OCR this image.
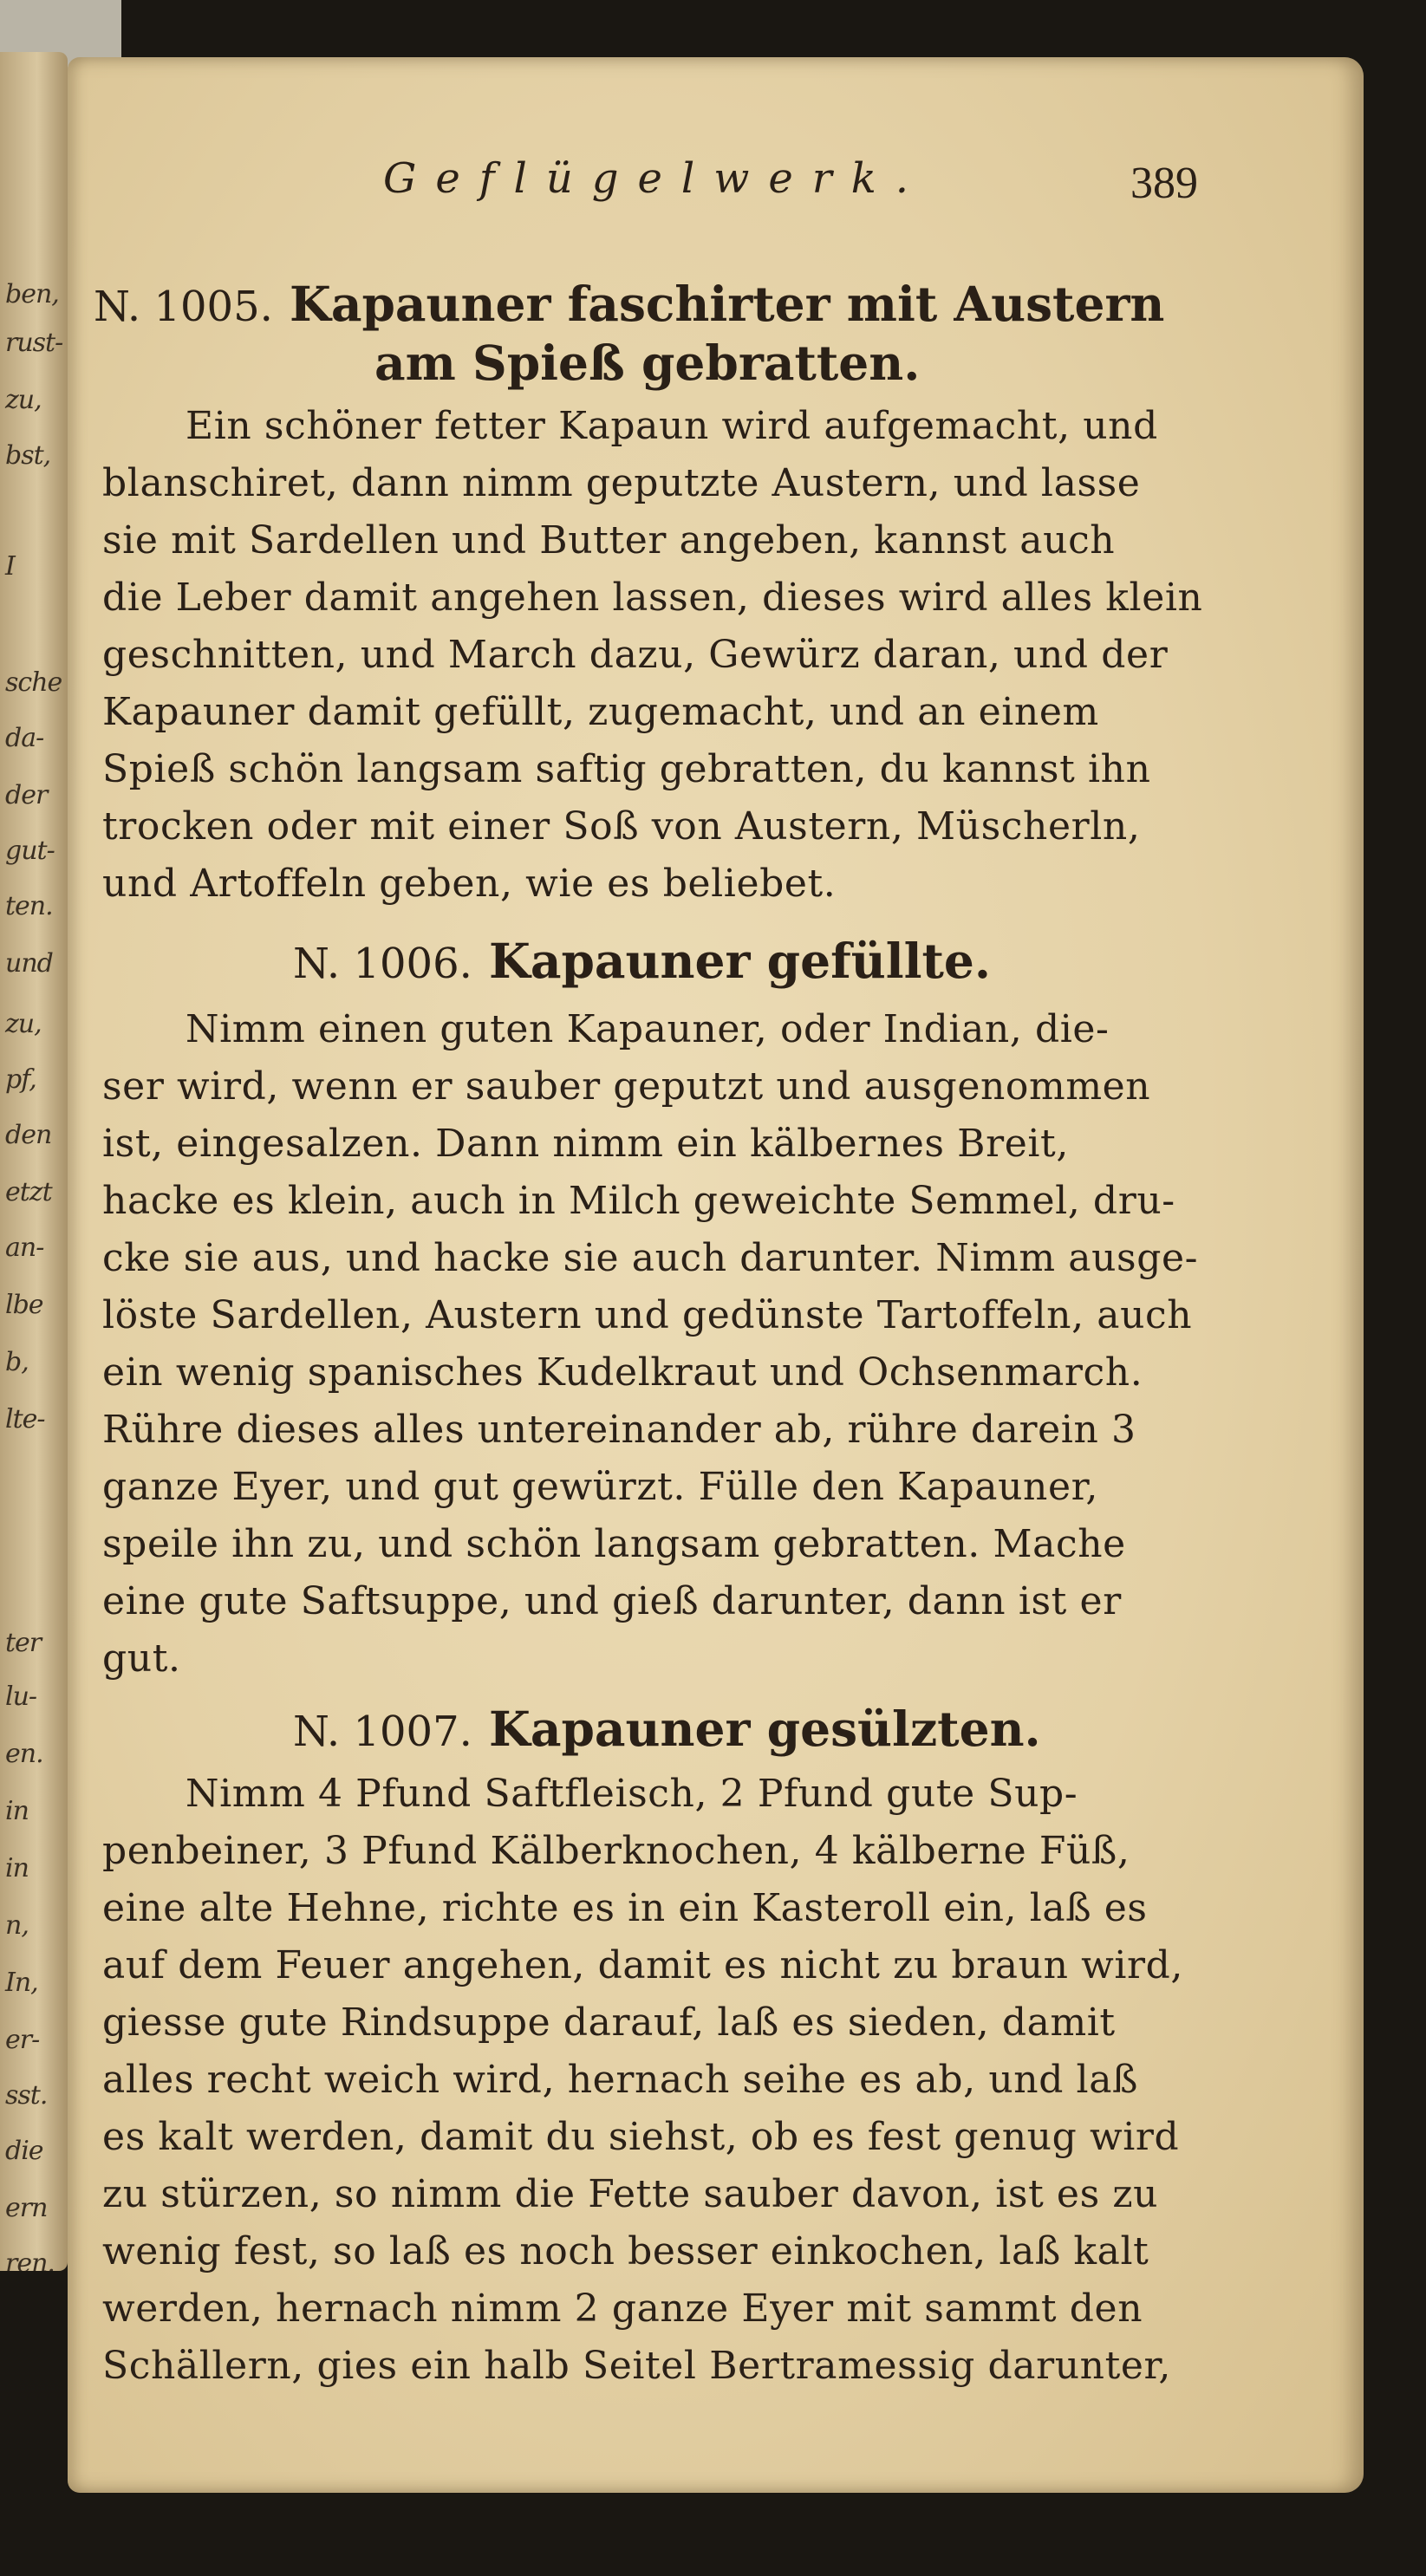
ben,
rust-
zu,
bst,
I
sche
da-
der
gut-
ten.
und
zu,
pf,
den
etzt
an-
lbe
b,
lte-
ter
lu-
en.
in
in
n,
In,
er-
sst.
die
ern
ren.
Geflügelwerk.	389
N. 1005. Kapauner faschirter mit Austern
am Spieß gebratten.
Ein schöner fetter Kapaun wird aufgemacht, und
blanschiret, dann nimm geputzte Austern, und lasse
sie mit Sardellen und Butter angeben, kannst auch
die Leber damit angehen lassen, dieses wird alles klein
geschnitten, und March dazu, Gewürz daran, und der
Kapauner damit gefüllt, zugemacht, und an einem
Spieß schön langsam saftig gebratten, du kannst ihn
trocken oder mit einer Soß von Austern, Müscherln,
und Artoffeln geben, wie es beliebet.
N. 1006. Kapauner gefüllte.
Nimm einen guten Kapauner, oder Indian, die-
ser wird, wenn er sauber geputzt und ausgenommen
ist, eingesalzen. Dann nimm ein kälbernes Breit,
hacke es klein, auch in Milch geweichte Semmel, dru-
cke sie aus, und hacke sie auch darunter. Nimm ausge-
löste Sardellen, Austern und gedünste Tartoffeln, auch
ein wenig spanisches Kudelkraut und Ochsenmarch.
Rühre dieses alles untereinander ab, rühre darein 3
ganze Eyer, und gut gewürzt. Fülle den Kapauner,
speile ihn zu, und schön langsam gebratten. Mache
eine gute Saftsuppe, und gieß darunter, dann ist er
gut.
N. 1007. Kapauner gesülzten.
Nimm 4 Pfund Saftfleisch, 2 Pfund gute Sup-
penbeiner, 3 Pfund Kälberknochen, 4 kälberne Füß,
eine alte Hehne, richte es in ein Kasteroll ein, laß es
auf dem Feuer angehen, damit es nicht zu braun wird,
giesse gute Rindsuppe darauf, laß es sieden, damit
alles recht weich wird, hernach seihe es ab, und laß
es kalt werden, damit du siehst, ob es fest genug wird
zu stürzen, so nimm die Fette sauber davon, ist es zu
wenig fest, so laß es noch besser einkochen, laß kalt
werden, hernach nimm 2 ganze Eyer mit sammt den
Schällern, gies ein halb Seitel Bertramessig darunter,
